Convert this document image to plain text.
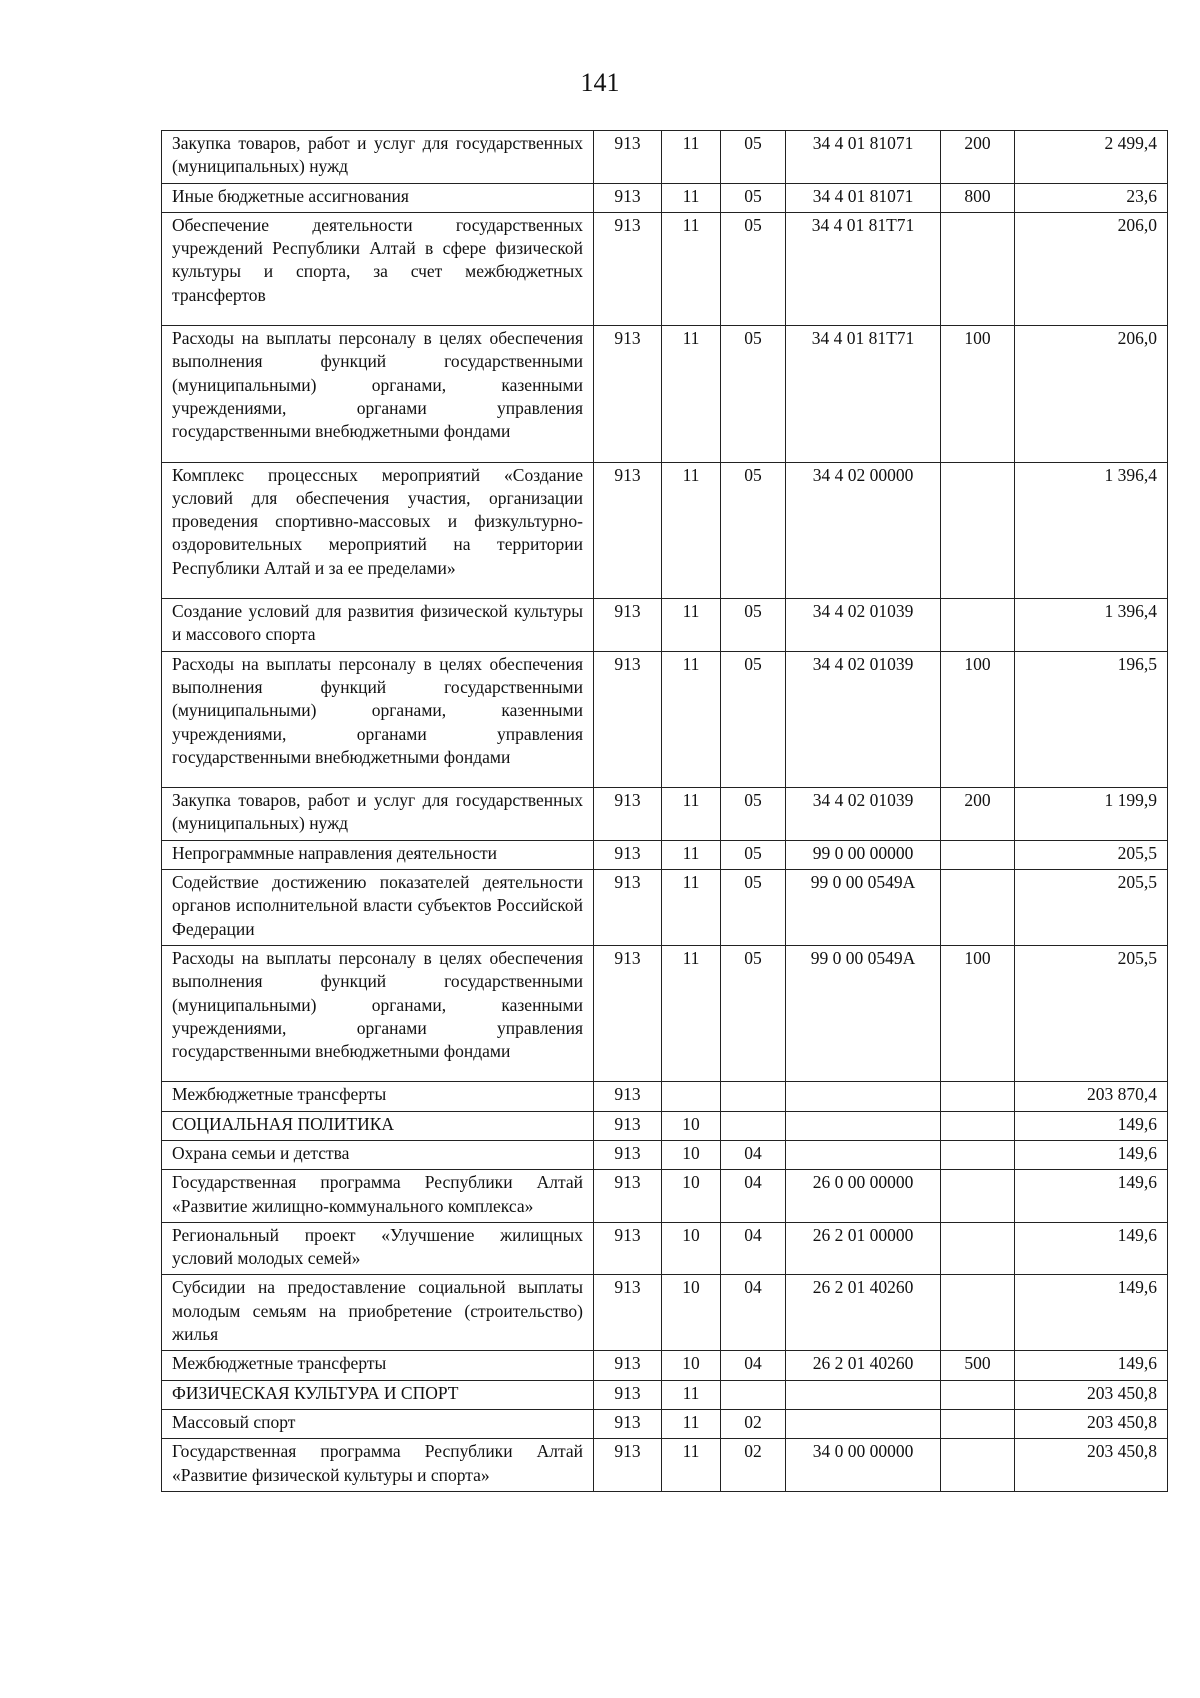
141
Закупка товаров, работ и услуг для государственных (муниципальных) нужд	913	11	05	34 4 01 81071	200	2 499,4
Иные бюджетные ассигнования	913	11	05	34 4 01 81071	800	23,6
Обеспечение деятельности государственных учреждений Республики Алтай в сфере физической культуры и спорта, за счет межбюджетных трансфертов	913	11	05	34 4 01 81Т71		206,0
Расходы на выплаты персоналу в целях обеспечения выполнения функций государственными (муниципальными) органами, казенными учреждениями, органами управления государственными внебюджетными фондами	913	11	05	34 4 01 81Т71	100	206,0
Комплекс процессных мероприятий «Создание условий для обеспечения участия, организации проведения спортивно-массовых и физкультурно-оздоровительных мероприятий на территории Республики Алтай и за ее пределами»	913	11	05	34 4 02 00000		1 396,4
Создание условий для развития физической культуры и массового спорта	913	11	05	34 4 02 01039		1 396,4
Расходы на выплаты персоналу в целях обеспечения выполнения функций государственными (муниципальными) органами, казенными учреждениями, органами управления государственными внебюджетными фондами	913	11	05	34 4 02 01039	100	196,5
Закупка товаров, работ и услуг для государственных (муниципальных) нужд	913	11	05	34 4 02 01039	200	1 199,9
Непрограммные направления деятельности	913	11	05	99 0 00 00000		205,5
Содействие достижению показателей деятельности органов исполнительной власти субъектов Российской Федерации	913	11	05	99 0 00 0549А		205,5
Расходы на выплаты персоналу в целях обеспечения выполнения функций государственными (муниципальными) органами, казенными учреждениями, органами управления государственными внебюджетными фондами	913	11	05	99 0 00 0549А	100	205,5
Межбюджетные трансферты	913					203 870,4
СОЦИАЛЬНАЯ ПОЛИТИКА	913	10				149,6
Охрана семьи и детства	913	10	04			149,6
Государственная программа Республики Алтай «Развитие жилищно-коммунального комплекса»	913	10	04	26 0 00 00000		149,6
Региональный проект «Улучшение жилищных условий молодых семей»	913	10	04	26 2 01 00000		149,6
Субсидии на предоставление социальной выплаты молодым семьям на приобретение (строительство) жилья	913	10	04	26 2 01 40260		149,6
Межбюджетные трансферты	913	10	04	26 2 01 40260	500	149,6
ФИЗИЧЕСКАЯ КУЛЬТУРА И СПОРТ	913	11				203 450,8
Массовый спорт	913	11	02			203 450,8
Государственная программа Республики Алтай «Развитие физической культуры и спорта»	913	11	02	34 0 00 00000		203 450,8
